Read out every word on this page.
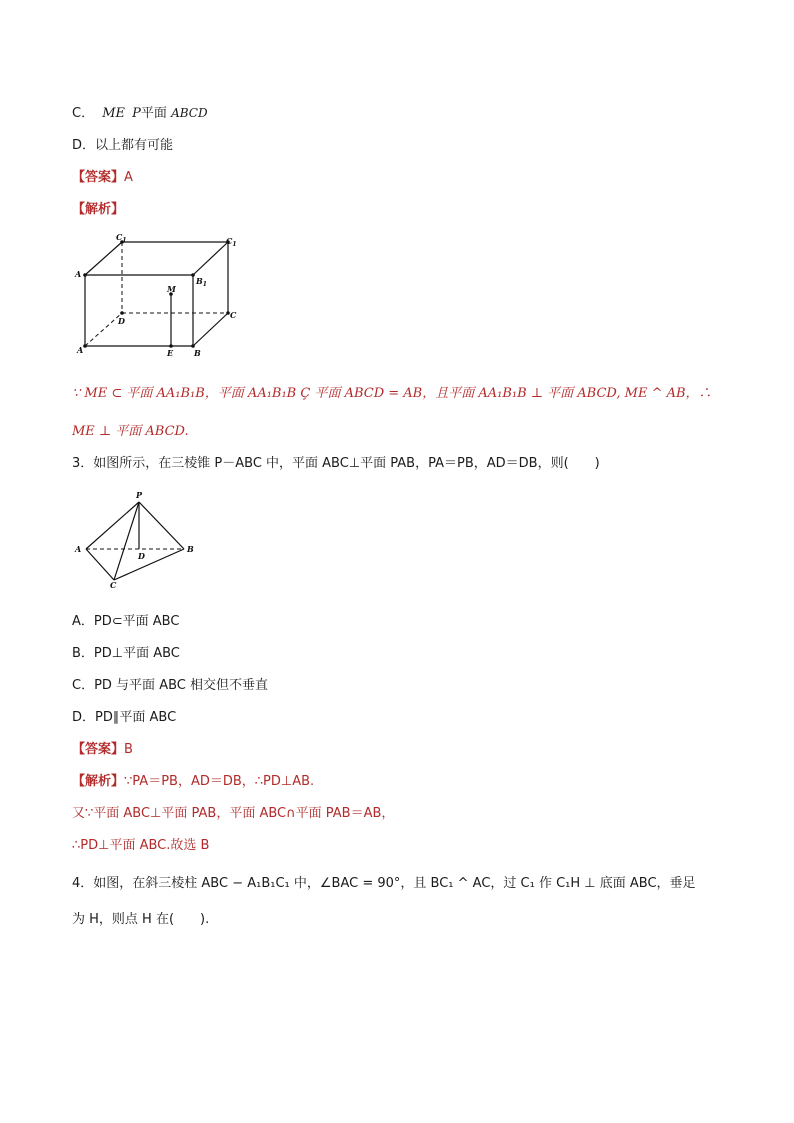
C． ME P平面 ABCD
D．以上都有可能
【答案】A
【解析】
$C_1$	$C_1$
A
$B_1$
M
D
C
A	E	B
∵ ME ⊂ 平面 AA₁B₁B，平面 AA₁B₁B Ç 平面 ABCD = AB，且平面 AA₁B₁B ⊥ 平面 ABCD, ME ^ AB，∴
ME ⊥ 平面 ABCD.
3．如图所示，在三棱锥 P－ABC 中，平面 ABC⊥平面 PAB，PA＝PB，AD＝DB，则(　　)
P
A	B
C
D
A．PD⊂平面 ABC
B．PD⊥平面 ABC
C．PD 与平面 ABC 相交但不垂直
D．PD∥平面 ABC
【答案】B
【解析】∵PA＝PB，AD＝DB，∴PD⊥AB.
又∵平面 ABC⊥平面 PAB，平面 ABC∩平面 PAB＝AB，
∴PD⊥平面 ABC.故选 B
4．如图，在斜三棱柱 ABC − A₁B₁C₁ 中，∠BAC = 90°，且 BC₁ ^ AC，过 C₁ 作 C₁H ⊥ 底面 ABC，垂足
为 H，则点 H 在(　　).
